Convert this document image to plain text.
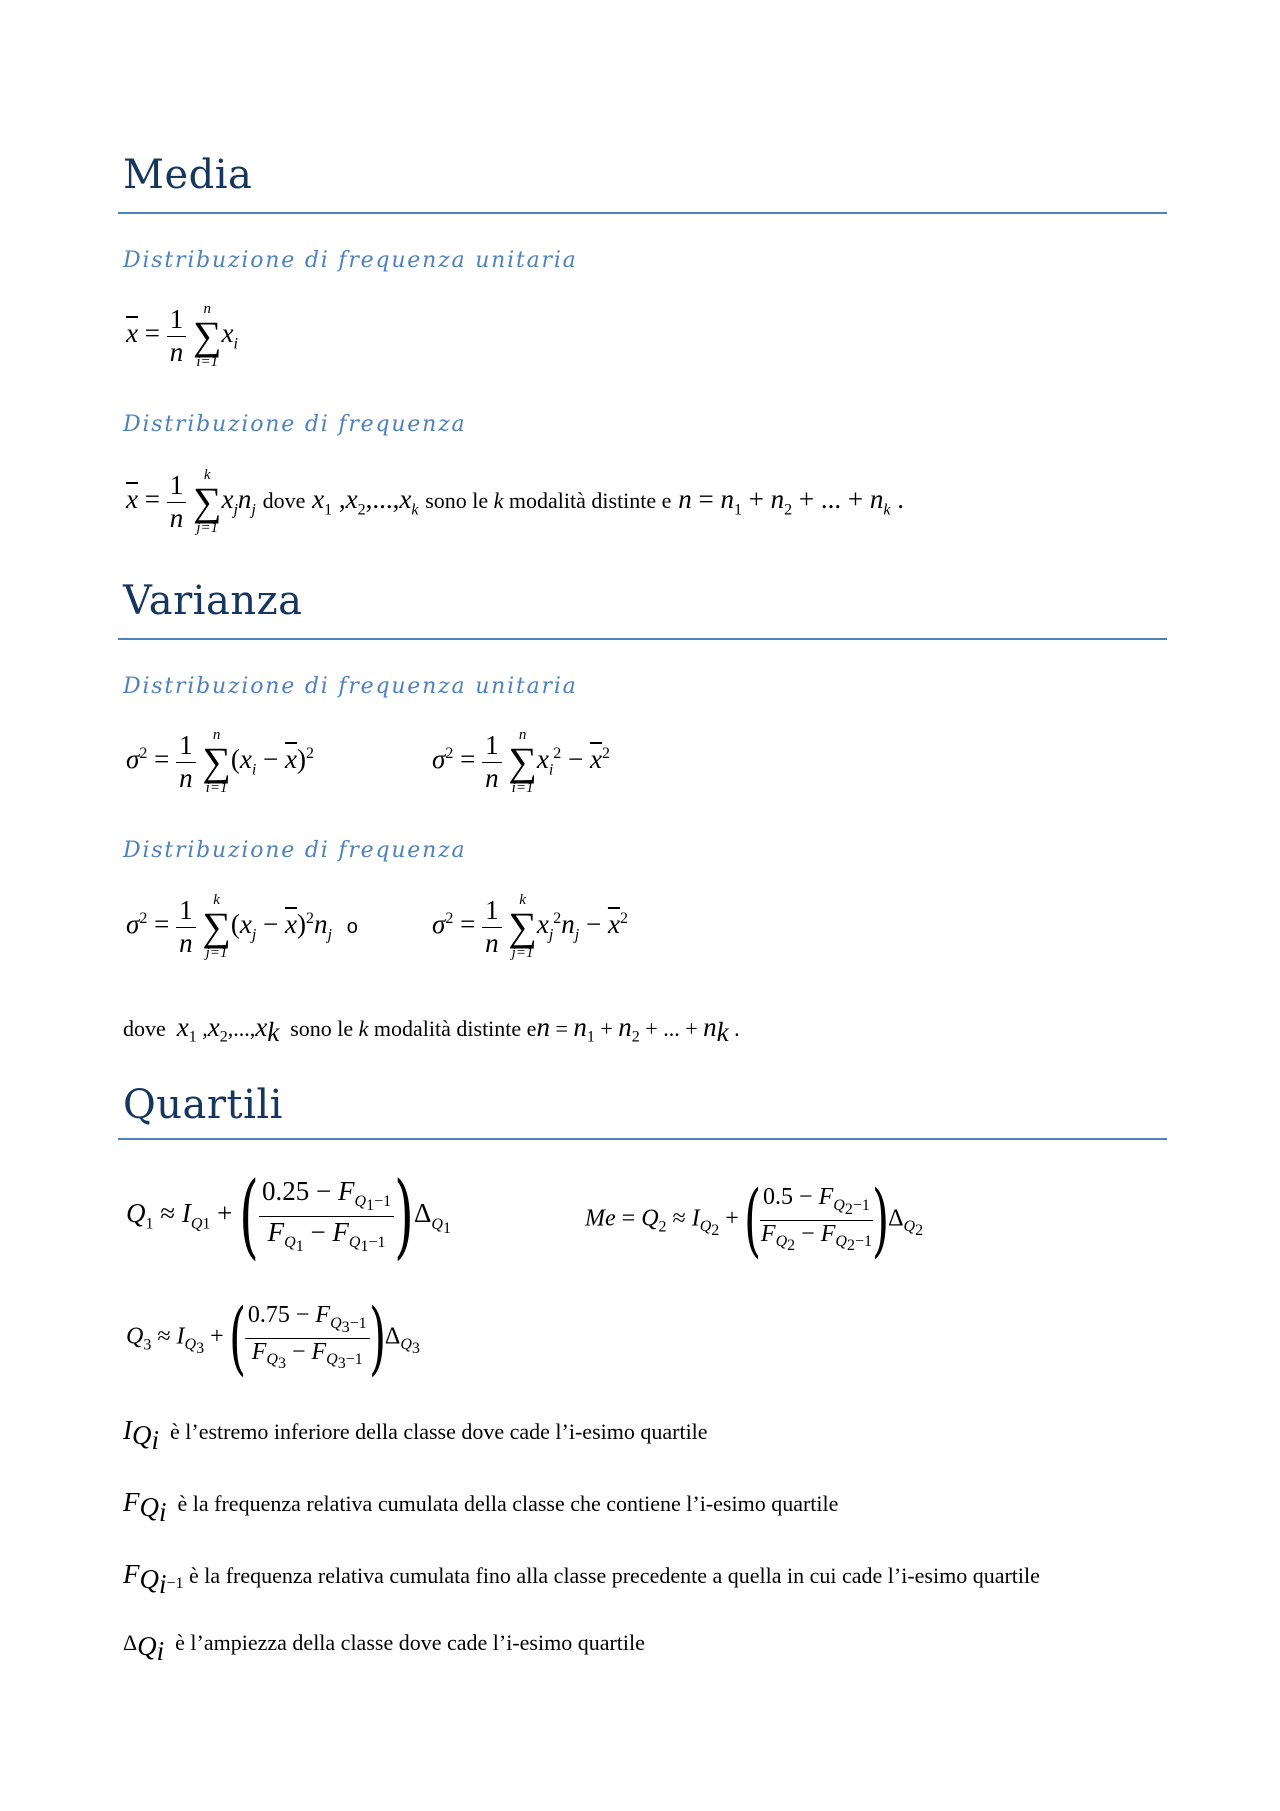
Media
Distribuzione di frequenza unitaria
$\overline{x} = \frac{1}{n}$
	n
∑
i=1
$x_i$
Distribuzione di frequenza
$\overline{x} = \frac{1}{n}$
	k
∑
j=1
$x_jn_j$ dove $x_1$ $,x_2,...,x_k$ sono le k modalità distinte e $n = n_1 + n_2$ + ... + $n_k$ .
Varianza
Distribuzione di frequenza unitaria
$\sigma^2 = \frac{1}{n}$
	n
∑
i=1
$(x_i - \overline{x})^2$	$\sigma^2 = \frac{1}{n}$
	n
∑
i=1
$x_i^2 - \overline{x}^2$
Distribuzione di frequenza
$\sigma^2 = \frac{1}{n}$
	k
∑
j=1
$(x_j - \overline{x})^2n_j$ o	$\sigma^2 = \frac{1}{n}$
	k
∑
j=1
$x_j^2n_j - \overline{x}^2$
dove $x_1$ $,x_2,...,x_k$ sono le k modalità distinte en = $n_1 + n_2$ + ... + $n_k$ .
Quartili
$Q_1 \approx I_{Q1}$ + ( $\frac{0.25 - F_{Q_1-1}}{F_{Q_1} - F_{Q_1-1}} )\Delta_{Q_1}$	$Me = Q_2 \approx I_{Q_2}$ + ( $\frac{0.5 - F_{Q_2-1}}{F_{Q_2} - F_{Q_2-1}} )\Delta_{Q_2}$
$Q_3 \approx I_{Q_3}$ + ( $\frac{0.75 - F_{Q_3-1}}{F_{Q_3} - F_{Q_3-1}} )\Delta_{Q_3}$
$I_{Q_i}$ è l’estremo inferiore della classe dove cade l’i-esimo quartile
$F_{Q_i}$ è la frequenza relativa cumulata della classe che contiene l’i-esimo quartile
$F_{Q_i-1}$ è la frequenza relativa cumulata fino alla classe precedente a quella in cui cade l’i-esimo quartile
$\Delta_{Q_i}$ è l’ampiezza della classe dove cade l’i-esimo quartile
